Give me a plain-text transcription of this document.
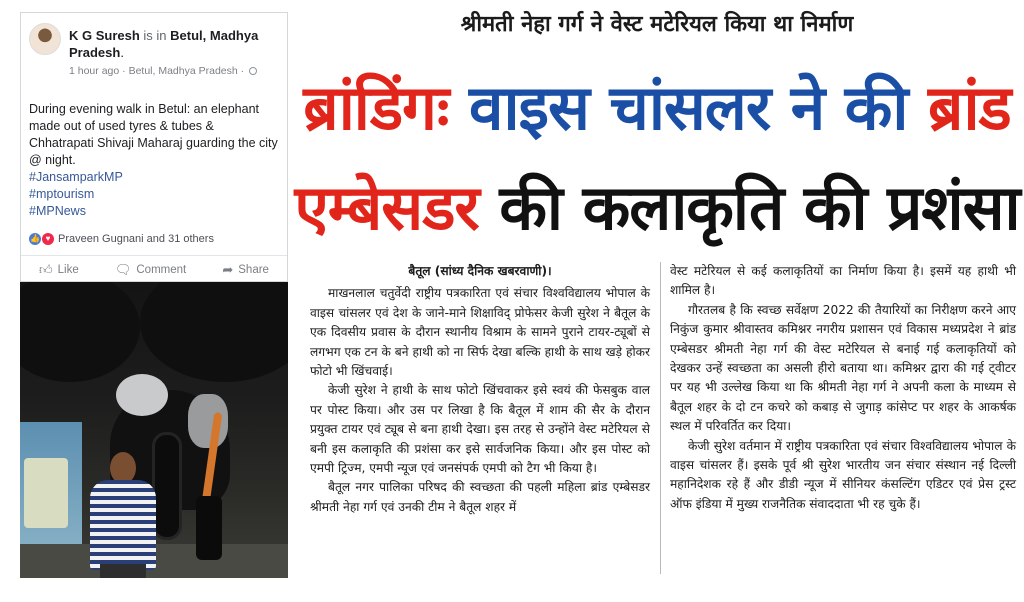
K G Suresh is in Betul, Madhya Pradesh.
1 hour ago · Betul, Madhya Pradesh ·
During evening walk in Betul: an elephant made out of used tyres & tubes & Chhatrapati Shivaji Maharaj guarding the city @ night.
#JansamparkMP
#mptourism
#MPNews
👍 ♥ Praveen Gugnani and 31 others
👍︎ Like	🗨︎ Comment	➦ Share
श्रीमती नेहा गर्ग ने वेस्ट मटेरियल किया था निर्माण
ब्रांडिंगः वाइस चांसलर ने की ब्रांड
एम्बेसडर की कलाकृति की प्रशंसा
बैतूल (सांध्य दैनिक खबरवाणी)।

माखनलाल चतुर्वेदी राष्ट्रीय पत्रकारिता एवं संचार विश्वविद्यालय भोपाल के वाइस चांसलर एवं देश के जाने-माने शिक्षाविद् प्रोफेसर केजी सुरेश ने बैतूल के एक दिवसीय प्रवास के दौरान स्थानीय विश्राम के सामने पुराने टायर-ट्यूबों से लगभग एक टन के बने हाथी को ना सिर्फ देखा बल्कि हाथी के साथ खड़े होकर फोटो भी खिंचवाई।

केजी सुरेश ने हाथी के साथ फोटो खिंचवाकर इसे स्वयं की फेसबुक वाल पर पोस्ट किया। और उस पर लिखा है कि बैतूल में शाम की सैर के दौरान प्रयुक्त टायर एवं ट्यूब से बना हाथी देखा। इस तरह से उन्होंने वेस्ट मटेरियल से बनी इस कलाकृति की प्रशंसा कर इसे सार्वजनिक किया। और इस पोस्ट को एमपी ट्रिज्म, एमपी न्यूज एवं जनसंपर्क एमपी को टैग भी किया है।

बैतूल नगर पालिका परिषद की स्वच्छता की पहली महिला ब्रांड एम्बेसडर श्रीमती नेहा गर्ग एवं उनकी टीम ने बैतूल शहर में

वेस्ट मटेरियल से कई कलाकृतियों का निर्माण किया है। इसमें यह हाथी भी शामिल है।

गौरतलब है कि स्वच्छ सर्वेक्षण 2022 की तैयारियों का निरीक्षण करने आए निकुंज कुमार श्रीवास्तव कमिश्नर नगरीय प्रशासन एवं विकास मध्यप्रदेश ने ब्रांड एम्बेसडर श्रीमती नेहा गर्ग की वेस्ट मटेरियल से बनाई गई कलाकृतियों को देखकर उन्हें स्वच्छता का असली हीरो बताया था। कमिश्नर द्वारा की गई ट्वीटर पर यह भी उल्लेख किया था कि श्रीमती नेहा गर्ग ने अपनी कला के माध्यम से बैतूल शहर के दो टन कचरे को कबाड़ से जुगाड़ कांसेप्ट पर शहर के आकर्षक स्थल में परिवर्तित कर दिया।

केजी सुरेश वर्तमान में राष्ट्रीय पत्रकारिता एवं संचार विश्वविद्यालय भोपाल के वाइस चांसलर हैं। इसके पूर्व श्री सुरेश भारतीय जन संचार संस्थान नई दिल्ली महानिदेशक रहे हैं और डीडी न्यूज में सीनियर कंसल्टिंग एडिटर एवं प्रेस ट्रस्ट ऑफ इंडिया में मुख्य राजनैतिक संवाददाता भी रह चुके हैं।
